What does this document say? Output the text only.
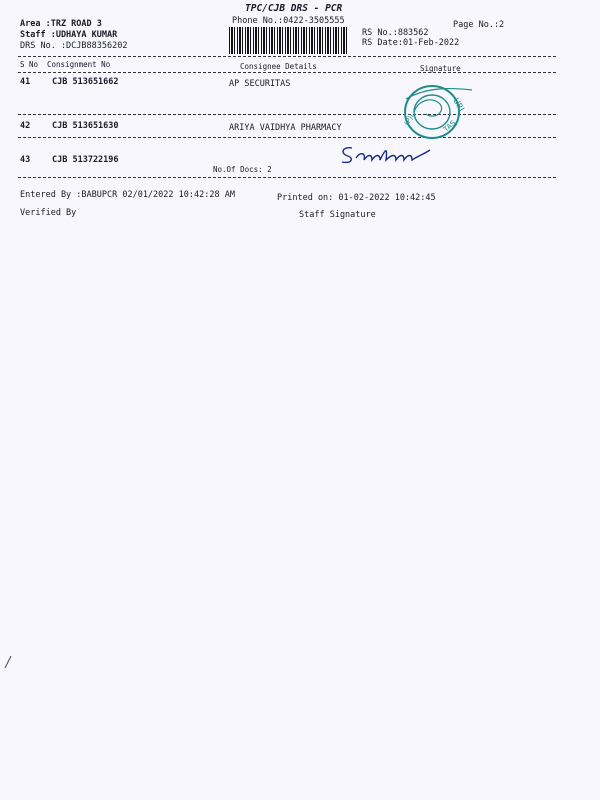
Area :TRZ ROAD 3
Staff :UDHAYA KUMAR
DRS No. :DCJB88356202
TPC/CJB DRS - PCR
Phone No.:0422-3505555
RS No.:883562
RS Date:01-Feb-2022
Page No.:2
S No Consignment No	Consignee Details	Signature
41	CJB 513651662	AP SECURITAS
42	CJB 513651630	ARIYA VAIDHYA PHARMACY
43	CJB 513722196
No.Of Docs: 2
Entered By :BABUPCR 02/01/2022 10:42:28 AM	Printed on: 01-02-2022 10:42:45
Verified By	Staff Signature
URI
TAS
(P)L
